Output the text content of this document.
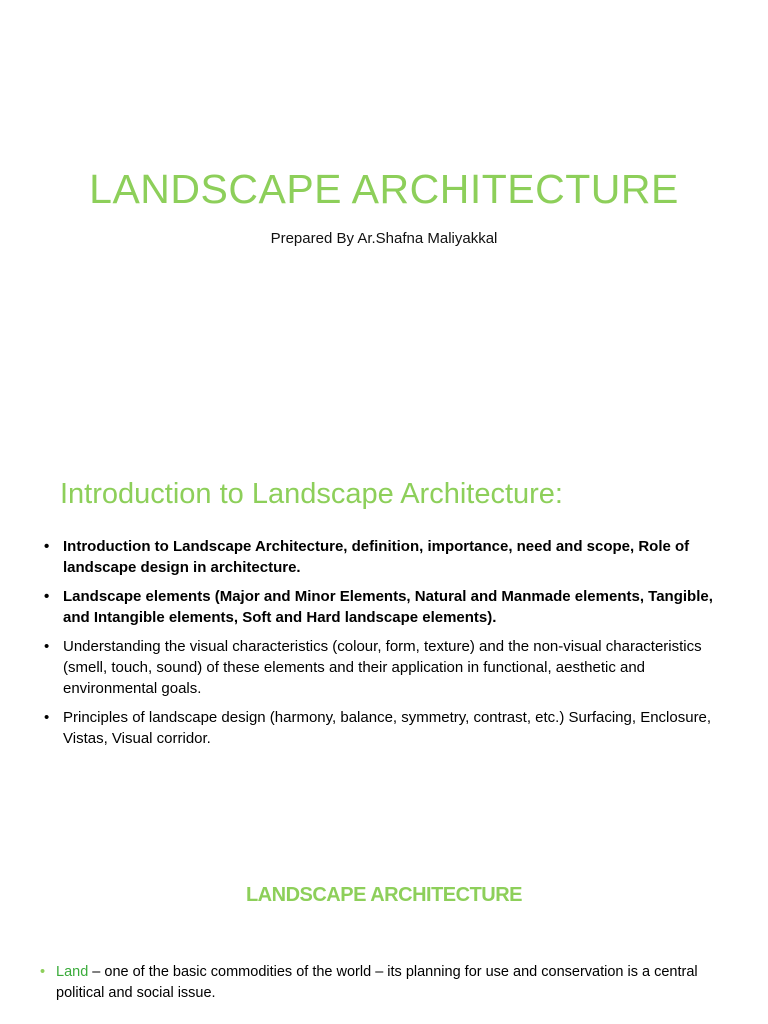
LANDSCAPE ARCHITECTURE

Prepared By Ar.Shafna Maliyakkal

Introduction to Landscape Architecture:
• Introduction to Landscape Architecture, definition, importance, need and scope, Role of landscape design in architecture.
• Landscape elements (Major and Minor Elements, Natural and Manmade elements, Tangible, and Intangible elements, Soft and Hard landscape elements).
• Understanding the visual characteristics (colour, form, texture) and the non-visual characteristics (smell, touch, sound) of these elements and their application in functional, aesthetic and environmental goals.
• Principles of landscape design (harmony, balance, symmetry, contrast, etc.) Surfacing, Enclosure, Vistas, Visual corridor.
LANDSCAPE ARCHITECTURE

• Land – one of the basic commodities of the world – its planning for use and conservation is a central political and social issue.
